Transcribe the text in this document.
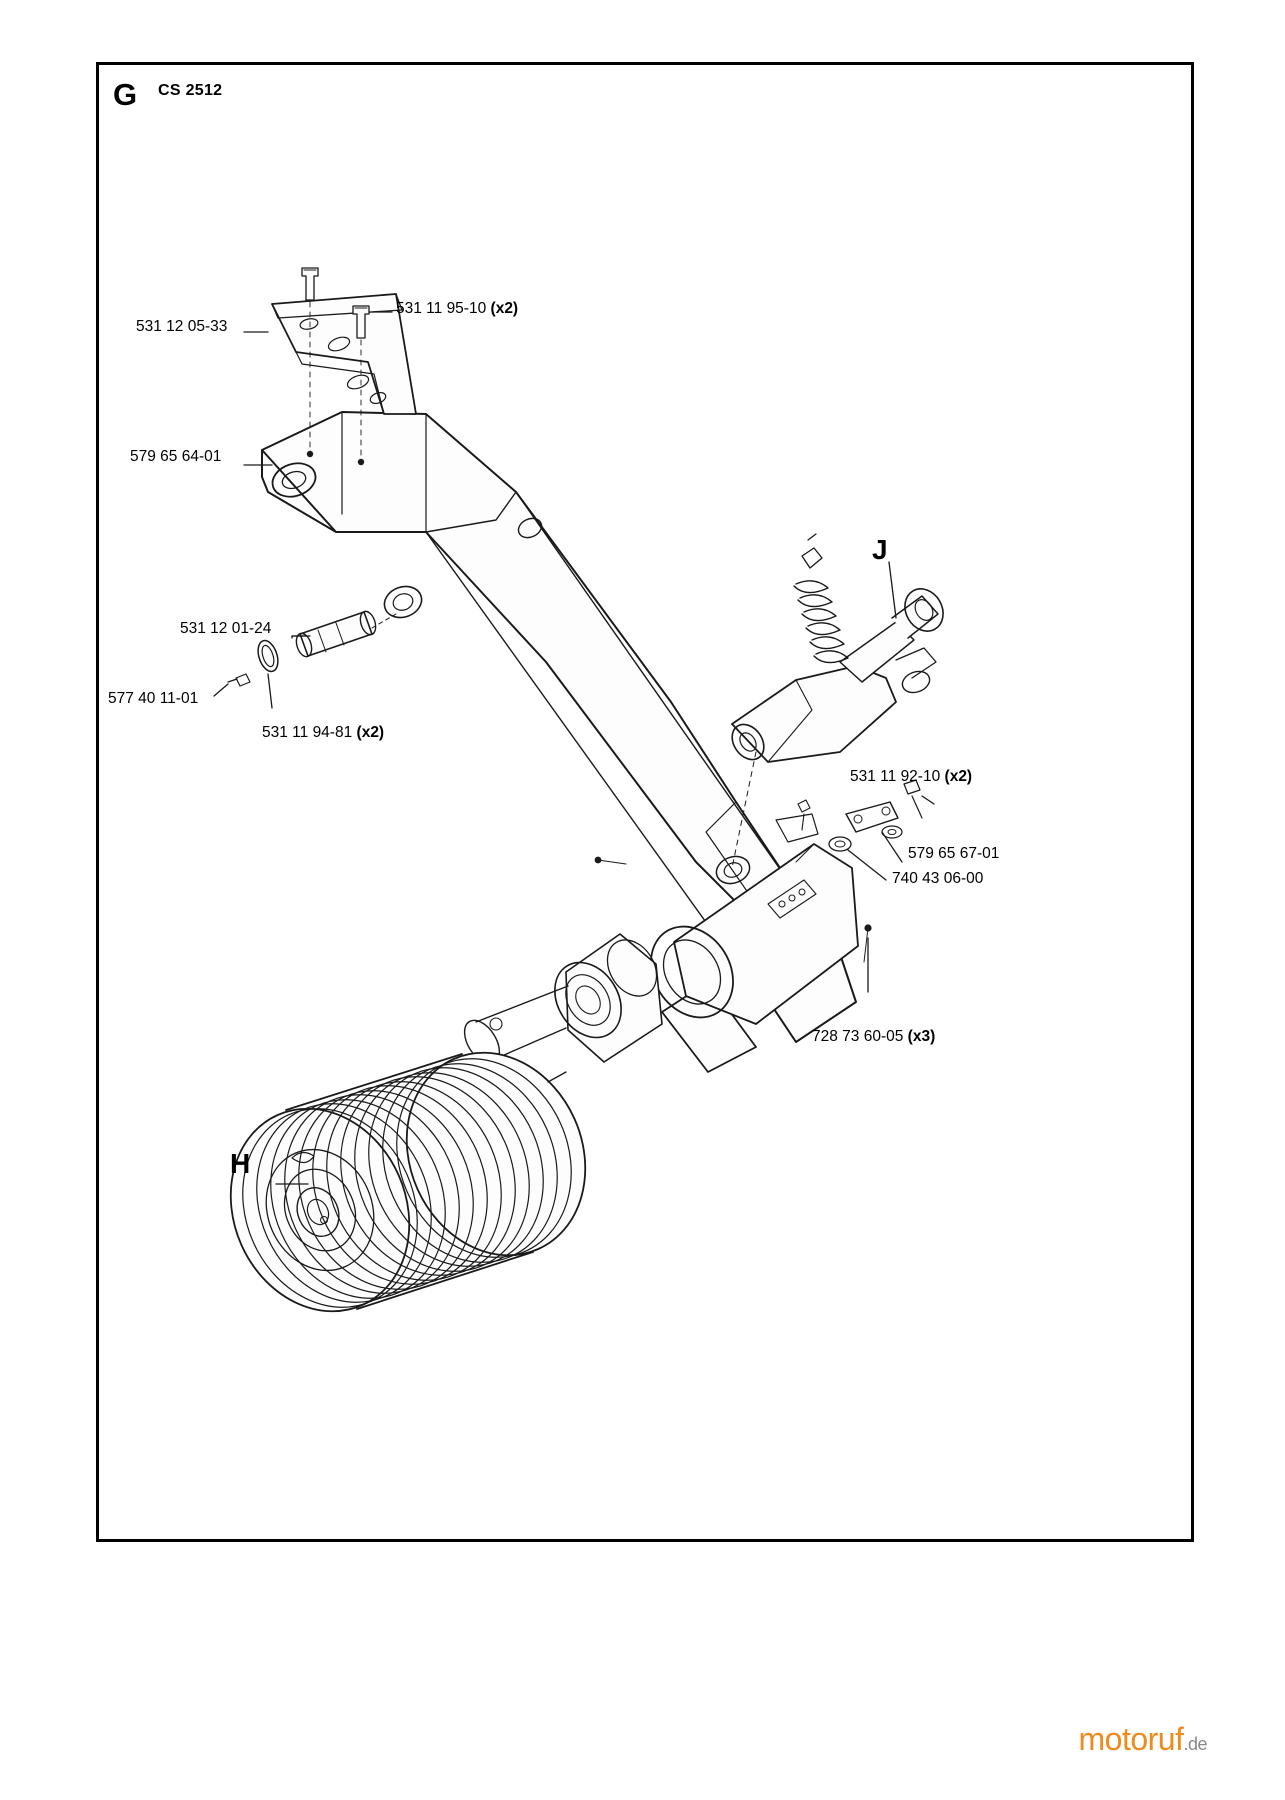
G CS 2512
J
H
531 12 05-33
531 11 95-10 (x2)
579 65 64-01
531 12 01-24
577 40 11-01
531 11 94-81 (x2)
531 11 92-10 (x2)
579 65 67-01
740 43 06-00
728 73 60-05 (x3)
motoruf.de
